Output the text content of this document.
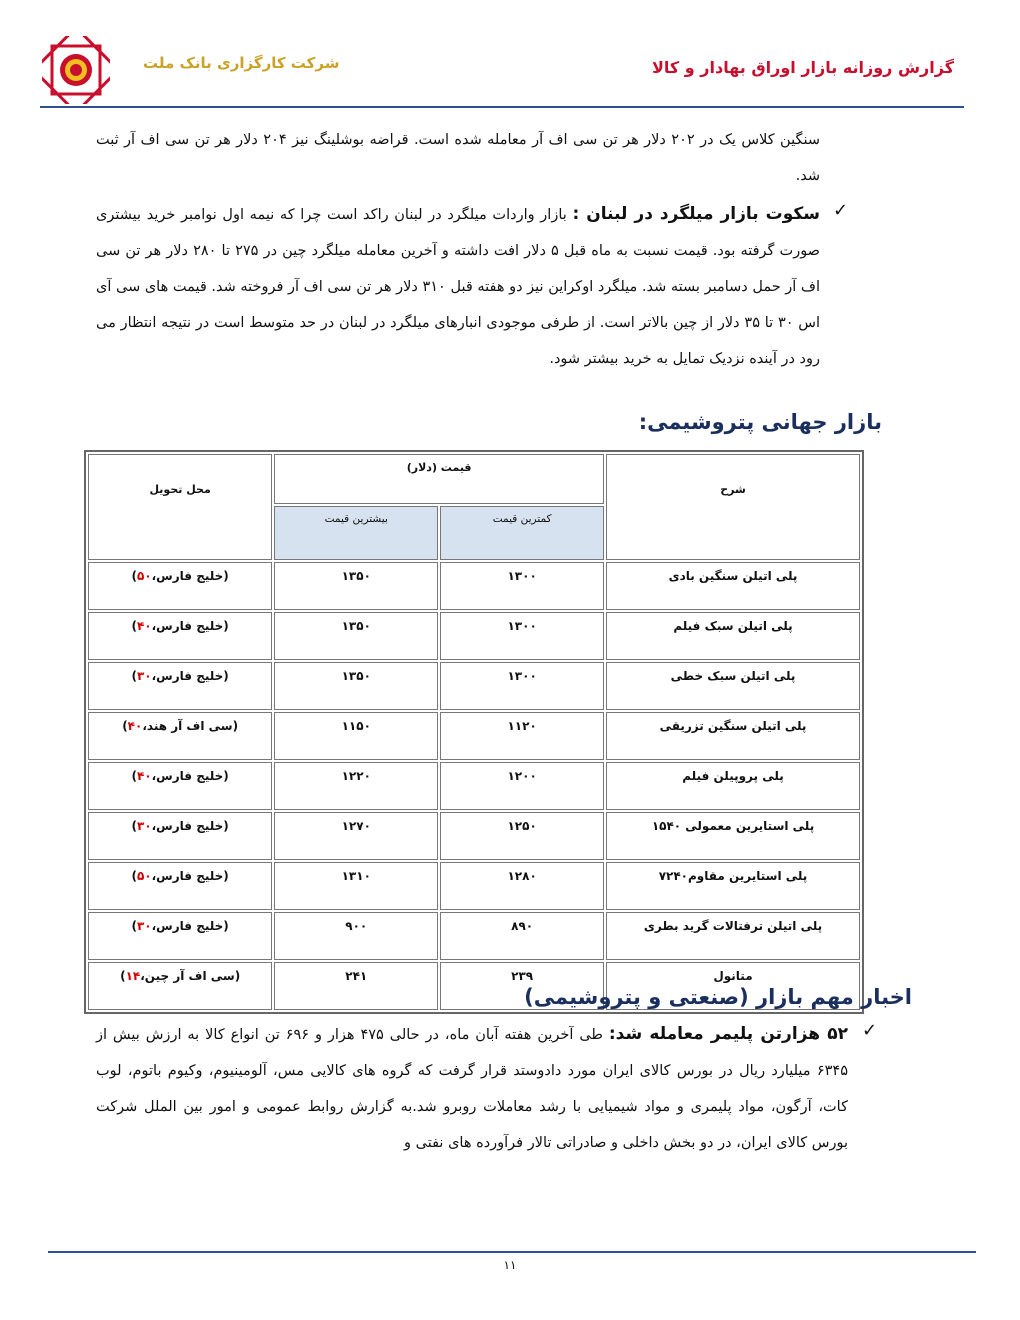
شرکت کارگزاری بانک ملت	گزارش روزانه بازار اوراق بهادار و کالا
سنگین کلاس یک در ۲۰۲ دلار هر تن سی اف آر معامله شده است. قراضه بوشلینگ نیز ۲۰۴ دلار هر تن سی اف آر ثبت شد.
✓
سکوت بازار میلگرد در لبنان : بازار واردات میلگرد در لبنان راکد است چرا که نیمه اول نوامبر خرید بیشتری صورت گرفته بود. قیمت نسبت به ماه قبل ۵ دلار افت داشته و آخرین معامله میلگرد چین در ۲۷۵ تا ۲۸۰ دلار هر تن سی اف آر حمل دسامبر بسته شد. میلگرد اوکراین نیز دو هفته قبل ۳۱۰ دلار هر تن سی اف آر فروخته شد. قیمت های سی آی اس ۳۰ تا ۳۵ دلار از چین بالاتر است. از طرفی موجودی انبارهای میلگرد در لبنان در حد متوسط است در نتیجه انتظار می رود در آینده نزدیک تمایل به خرید بیشتر شود.
بازار جهانی پتروشیمی:
شرح	قیمت (دلار)		محل تحویل
	کمترین قیمت	بیشترین قیمت	
پلی اتیلن سنگین بادی	۱۳۰۰	۱۳۵۰	(خلیج فارس،۵۰)
پلی اتیلن سبک فیلم	۱۳۰۰	۱۳۵۰	(خلیج فارس،۴۰)
پلی اتیلن سبک خطی	۱۳۰۰	۱۳۵۰	(خلیج فارس،۳۰)
پلی اتیلن سنگین تزریقی	۱۱۲۰	۱۱۵۰	(سی اف آر هند،۴۰)
پلی پروپیلن فیلم	۱۲۰۰	۱۲۲۰	(خلیج فارس،۴۰)
پلی استایرین معمولی ۱۵۴۰	۱۲۵۰	۱۲۷۰	(خلیج فارس،۳۰)
پلی استایرین مقاوم۷۲۴۰	۱۲۸۰	۱۳۱۰	(خلیج فارس،۵۰)
پلی اتیلن ترفتالات گرید بطری	۸۹۰	۹۰۰	(خلیج فارس،۳۰)
متانول	۲۳۹	۲۴۱	(سی اف آر چین،۱۴)
اخبار مهم بازار (صنعتی و پتروشیمی)
✓
۵۲ هزارتن پلیمر معامله شد: طی آخرین هفته آبان ماه، در حالی ۴۷۵ هزار و ۶۹۶ تن انواع کالا به ارزش بیش از ۶۳۴۵ میلیارد ریال در بورس کالای ایران مورد دادوستد قرار گرفت که گروه های کالایی مس، آلومینیوم، وکیوم باتوم، لوب کات، آرگون، مواد پلیمری و مواد شیمیایی با رشد معاملات روبرو شد.به گزارش روابط عمومی و امور بین الملل شرکت بورس کالای ایران، در دو بخش داخلی و صادراتی تالار فرآورده های نفتی و
۱۱
